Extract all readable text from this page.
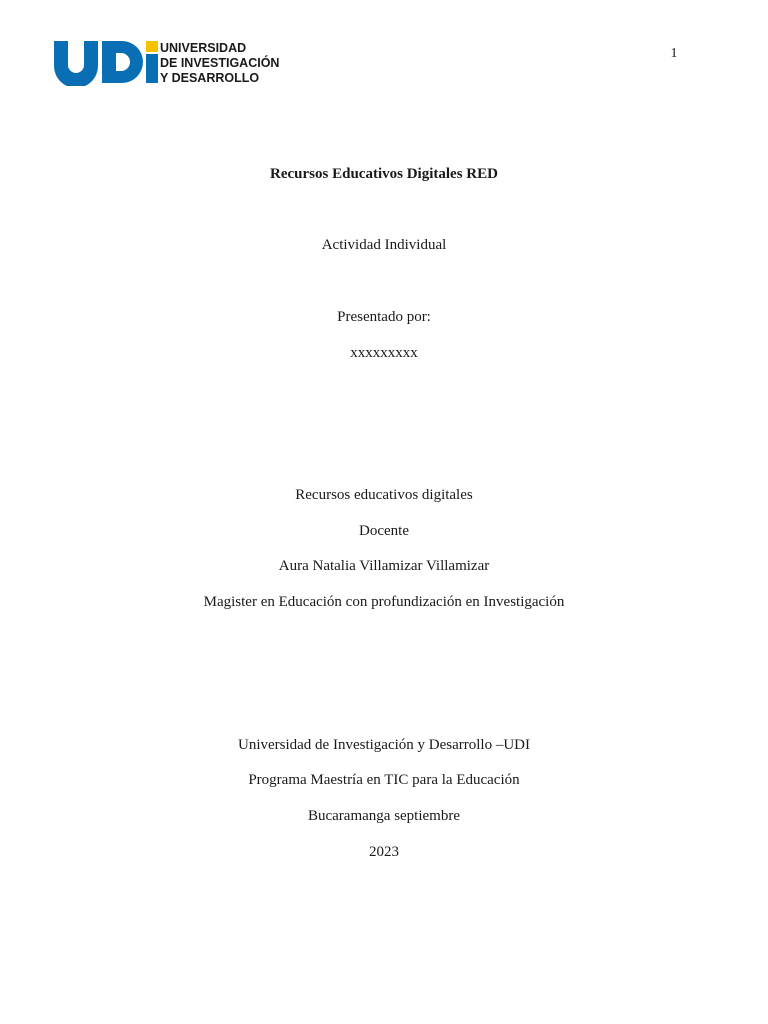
UNIVERSIDAD
DE INVESTIGACIÓN
Y DESARROLLO
1
Recursos Educativos Digitales RED
Actividad Individual
Presentado por:
xxxxxxxxx
Recursos educativos digitales
Docente
Aura Natalia Villamizar Villamizar
Magister en Educación con profundización en Investigación
Universidad de Investigación y Desarrollo –UDI
Programa Maestría en TIC para la Educación
Bucaramanga septiembre
2023
